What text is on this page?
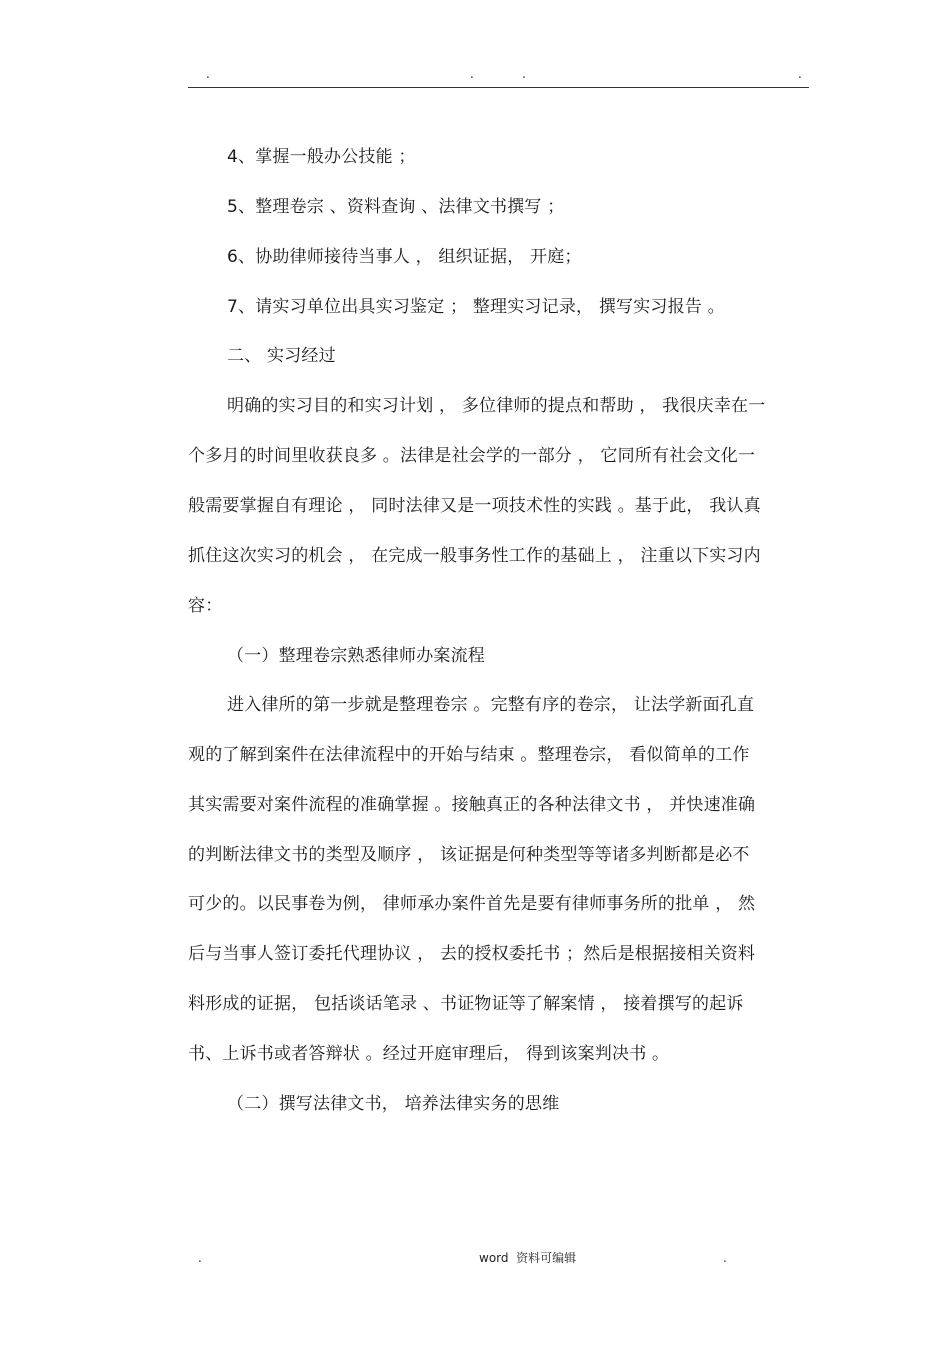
.	.	.	.
4、掌握一般办公技能 ；
5、整理卷宗 、资料查询 、法律文书撰写 ；
6、协助律师接待当事人 ， 组织证据， 开庭；
7、请实习单位出具实习鉴定 ； 整理实习记录， 撰写实习报告 。
二、 实习经过
明确的实习目的和实习计划 ， 多位律师的提点和帮助 ， 我很庆幸在一
个多月的时间里收获良多 。法律是社会学的一部分 ， 它同所有社会文化一
般需要掌握自有理论 ， 同时法律又是一项技术性的实践 。基于此， 我认真
抓住这次实习的机会 ， 在完成一般事务性工作的基础上 ， 注重以下实习内
容：
（一）整理卷宗熟悉律师办案流程
进入律所的第一步就是整理卷宗 。完整有序的卷宗， 让法学新面孔直
观的了解到案件在法律流程中的开始与结束 。整理卷宗， 看似简单的工作
其实需要对案件流程的准确掌握 。接触真正的各种法律文书 ， 并快速准确
的判断法律文书的类型及顺序 ， 该证据是何种类型等等诸多判断都是必不
可少的。以民事卷为例， 律师承办案件首先是要有律师事务所的批单 ， 然
后与当事人签订委托代理协议 ， 去的授权委托书 ；然后是根据接相关资料
料形成的证据， 包括谈话笔录 、书证物证等了解案情 ， 接着撰写的起诉
书、上诉书或者答辩状 。经过开庭审理后， 得到该案判决书 。
（二）撰写法律文书， 培养法律实务的思维
.	word  资料可编辑	.
